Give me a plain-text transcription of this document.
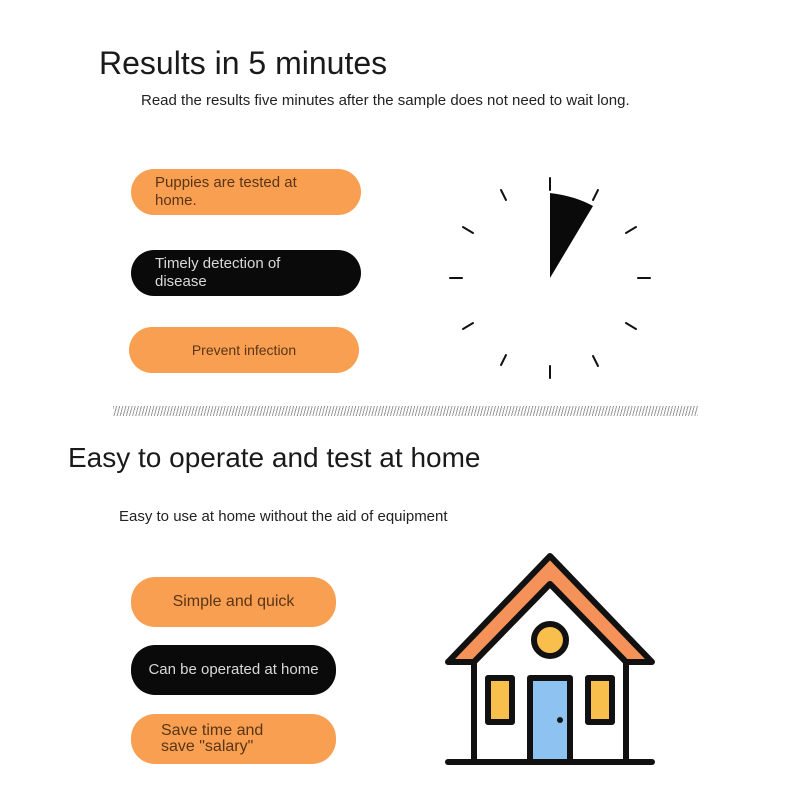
Results in 5 minutes
Read the results five minutes after the sample does not need to wait long.
Puppies are tested at home.
Timely detection of disease
Prevent infection
Easy to operate and test at home
Easy to use at home without the aid of equipment
Simple and quick
Can be operated at home
Save time and save "salary"
